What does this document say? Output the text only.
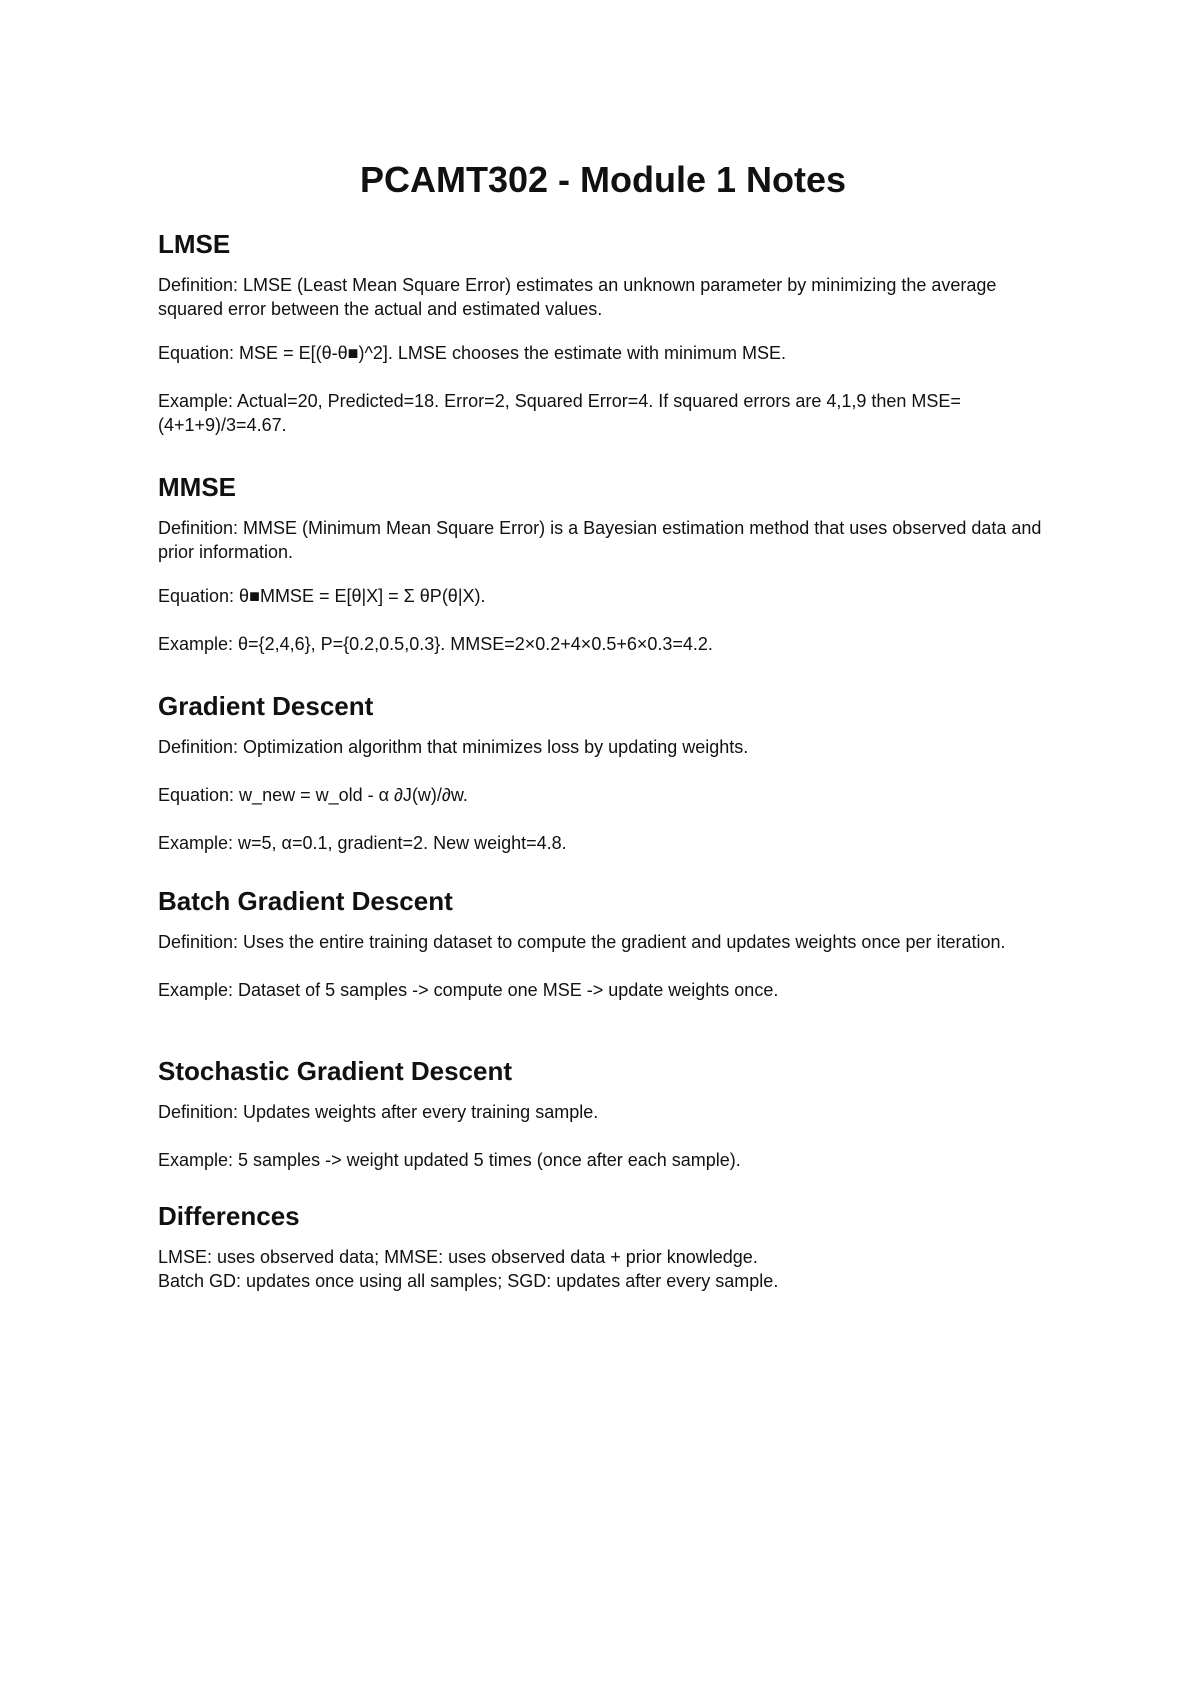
PCAMT302 - Module 1 Notes
LMSE

Definition: LMSE (Least Mean Square Error) estimates an unknown parameter by minimizing the average squared error between the actual and estimated values.

Equation: MSE = E[(θ-θ■)^2]. LMSE chooses the estimate with minimum MSE.

Example: Actual=20, Predicted=18. Error=2, Squared Error=4. If squared errors are 4,1,9 then MSE=(4+1+9)/3=4.67.

MMSE

Definition: MMSE (Minimum Mean Square Error) is a Bayesian estimation method that uses observed data and prior information.

Equation: θ■MMSE = E[θ|X] = Σ θP(θ|X).

Example: θ={2,4,6}, P={0.2,0.5,0.3}. MMSE=2×0.2+4×0.5+6×0.3=4.2.

Gradient Descent

Definition: Optimization algorithm that minimizes loss by updating weights.

Equation: w_new = w_old - α ∂J(w)/∂w.

Example: w=5, α=0.1, gradient=2. New weight=4.8.

Batch Gradient Descent

Definition: Uses the entire training dataset to compute the gradient and updates weights once per iteration.

Example: Dataset of 5 samples -> compute one MSE -> update weights once.

Stochastic Gradient Descent

Definition: Updates weights after every training sample.

Example: 5 samples -> weight updated 5 times (once after each sample).

Differences

LMSE: uses observed data; MMSE: uses observed data + prior knowledge.

Batch GD: updates once using all samples; SGD: updates after every sample.
